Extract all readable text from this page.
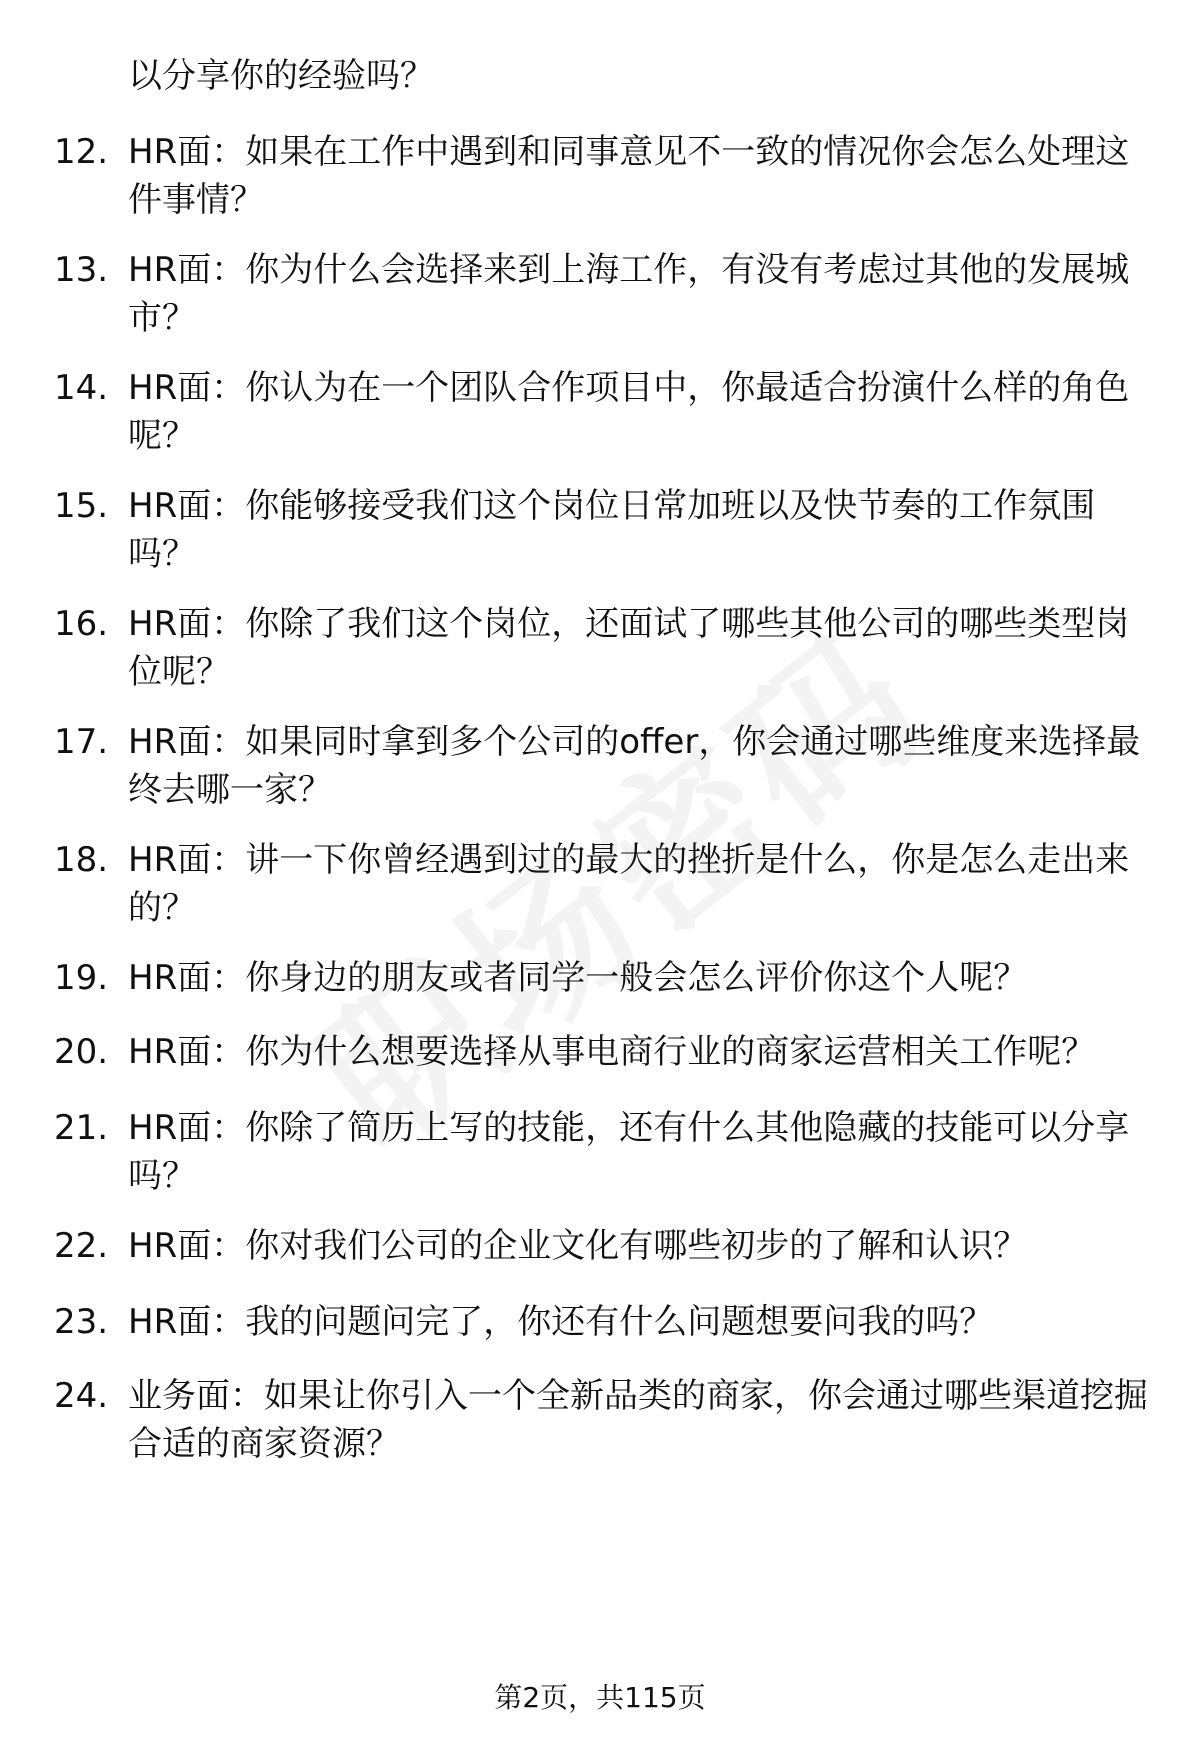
以分享你的经验吗？
12. HR面：如果在工作中遇到和同事意见不一致的情况你会怎么处理这件事情？
13. HR面：你为什么会选择来到上海工作，有没有考虑过其他的发展城市？
14. HR面：你认为在一个团队合作项目中，你最适合扮演什么样的角色呢？
15. HR面：你能够接受我们这个岗位日常加班以及快节奏的工作氛围吗？
16. HR面：你除了我们这个岗位，还面试了哪些其他公司的哪些类型岗位呢？
17. HR面：如果同时拿到多个公司的offer，你会通过哪些维度来选择最终去哪一家？
18. HR面：讲一下你曾经遇到过的最大的挫折是什么，你是怎么走出来的？
19. HR面：你身边的朋友或者同学一般会怎么评价你这个人呢？
20. HR面：你为什么想要选择从事电商行业的商家运营相关工作呢？
21. HR面：你除了简历上写的技能，还有什么其他隐藏的技能可以分享吗？
22. HR面：你对我们公司的企业文化有哪些初步的了解和认识？
23. HR面：我的问题问完了，你还有什么问题想要问我的吗？
24. 业务面：如果让你引入一个全新品类的商家，你会通过哪些渠道挖掘合适的商家资源？
第2页，共115页
